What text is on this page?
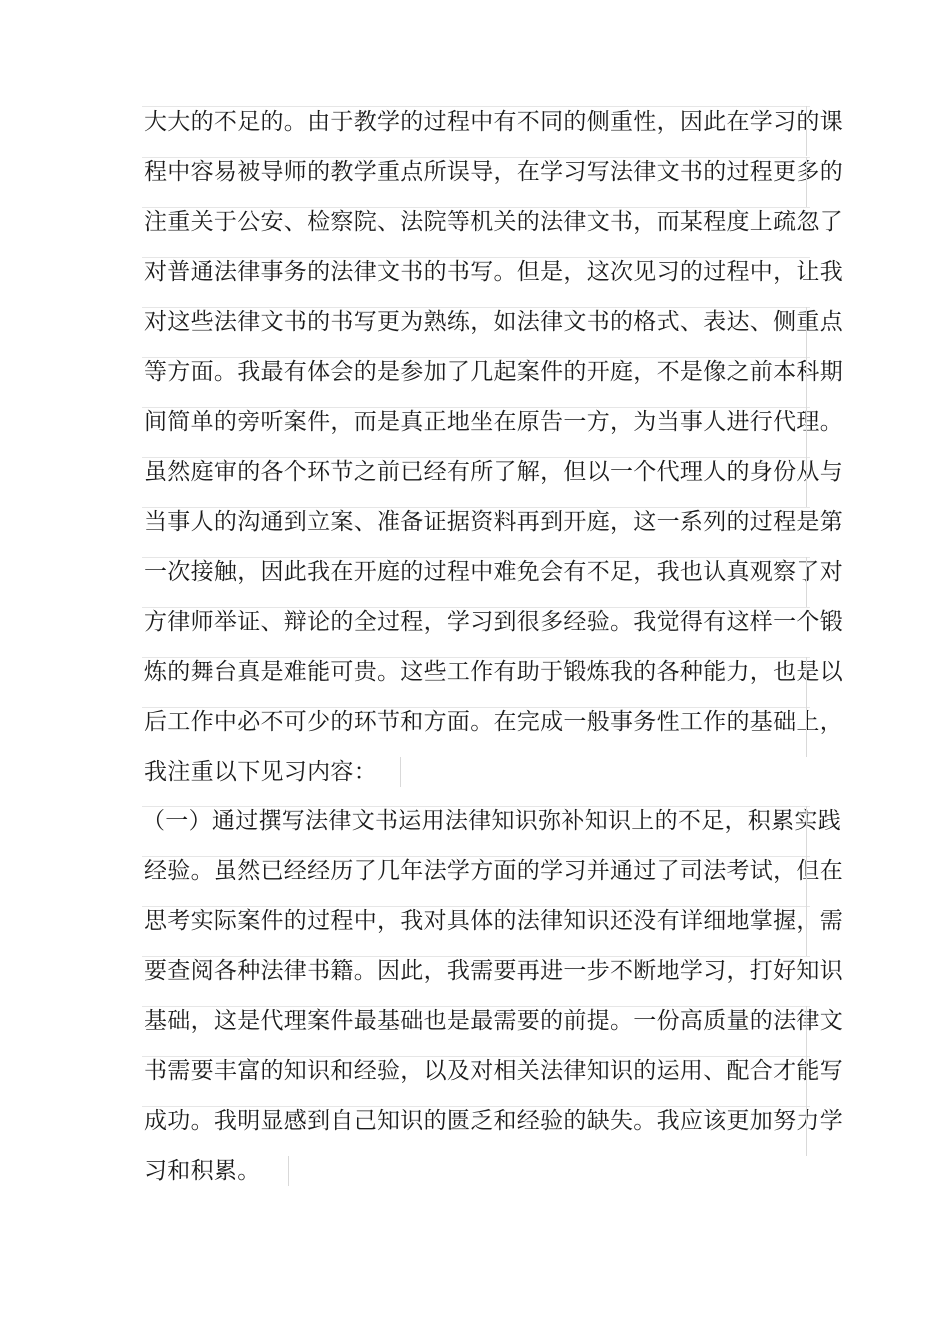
大大的不足的。由于教学的过程中有不同的侧重性，因此在学习的课
程中容易被导师的教学重点所误导，在学习写法律文书的过程更多的
注重关于公安、检察院、法院等机关的法律文书，而某程度上疏忽了
对普通法律事务的法律文书的书写。但是，这次见习的过程中，让我
对这些法律文书的书写更为熟练，如法律文书的格式、表达、侧重点
等方面。我最有体会的是参加了几起案件的开庭，不是像之前本科期
间简单的旁听案件，而是真正地坐在原告一方，为当事人进行代理。
虽然庭审的各个环节之前已经有所了解，但以一个代理人的身份从与
当事人的沟通到立案、准备证据资料再到开庭，这一系列的过程是第
一次接触，因此我在开庭的过程中难免会有不足，我也认真观察了对
方律师举证、辩论的全过程，学习到很多经验。我觉得有这样一个锻
炼的舞台真是难能可贵。这些工作有助于锻炼我的各种能力，也是以
后工作中必不可少的环节和方面。在完成一般事务性工作的基础上，
我注重以下见习内容：
（一）通过撰写法律文书运用法律知识弥补知识上的不足，积累实践
经验。虽然已经经历了几年法学方面的学习并通过了司法考试，但在
思考实际案件的过程中，我对具体的法律知识还没有详细地掌握，需
要查阅各种法律书籍。因此，我需要再进一步不断地学习，打好知识
基础，这是代理案件最基础也是最需要的前提。一份高质量的法律文
书需要丰富的知识和经验，以及对相关法律知识的运用、配合才能写
成功。我明显感到自己知识的匮乏和经验的缺失。我应该更加努力学
习和积累。
